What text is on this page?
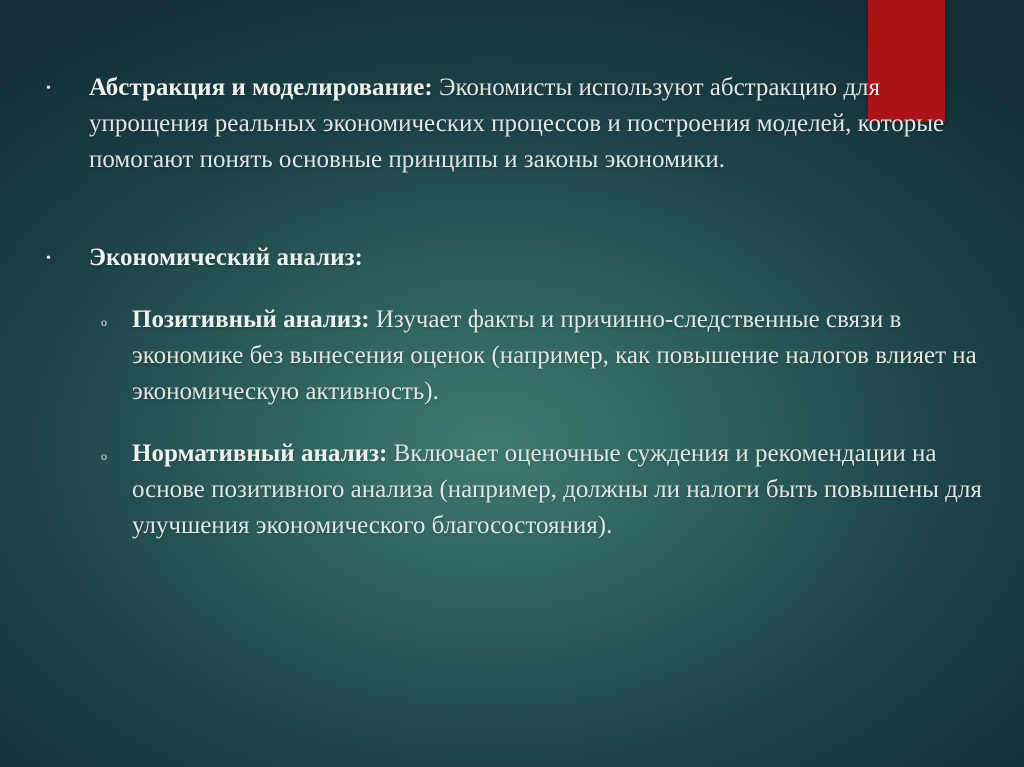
• Абстракция и моделирование: Экономисты используют абстракцию для упрощения реальных экономических процессов и построения моделей, которые помогают понять основные принципы и законы экономики.

• Экономический анализ:

o Позитивный анализ: Изучает факты и причинно-следственные связи в экономике без вынесения оценок (например, как повышение налогов влияет на экономическую активность).

o Нормативный анализ: Включает оценочные суждения и рекомендации на основе позитивного анализа (например, должны ли налоги быть повышены для улучшения экономического благосостояния).
